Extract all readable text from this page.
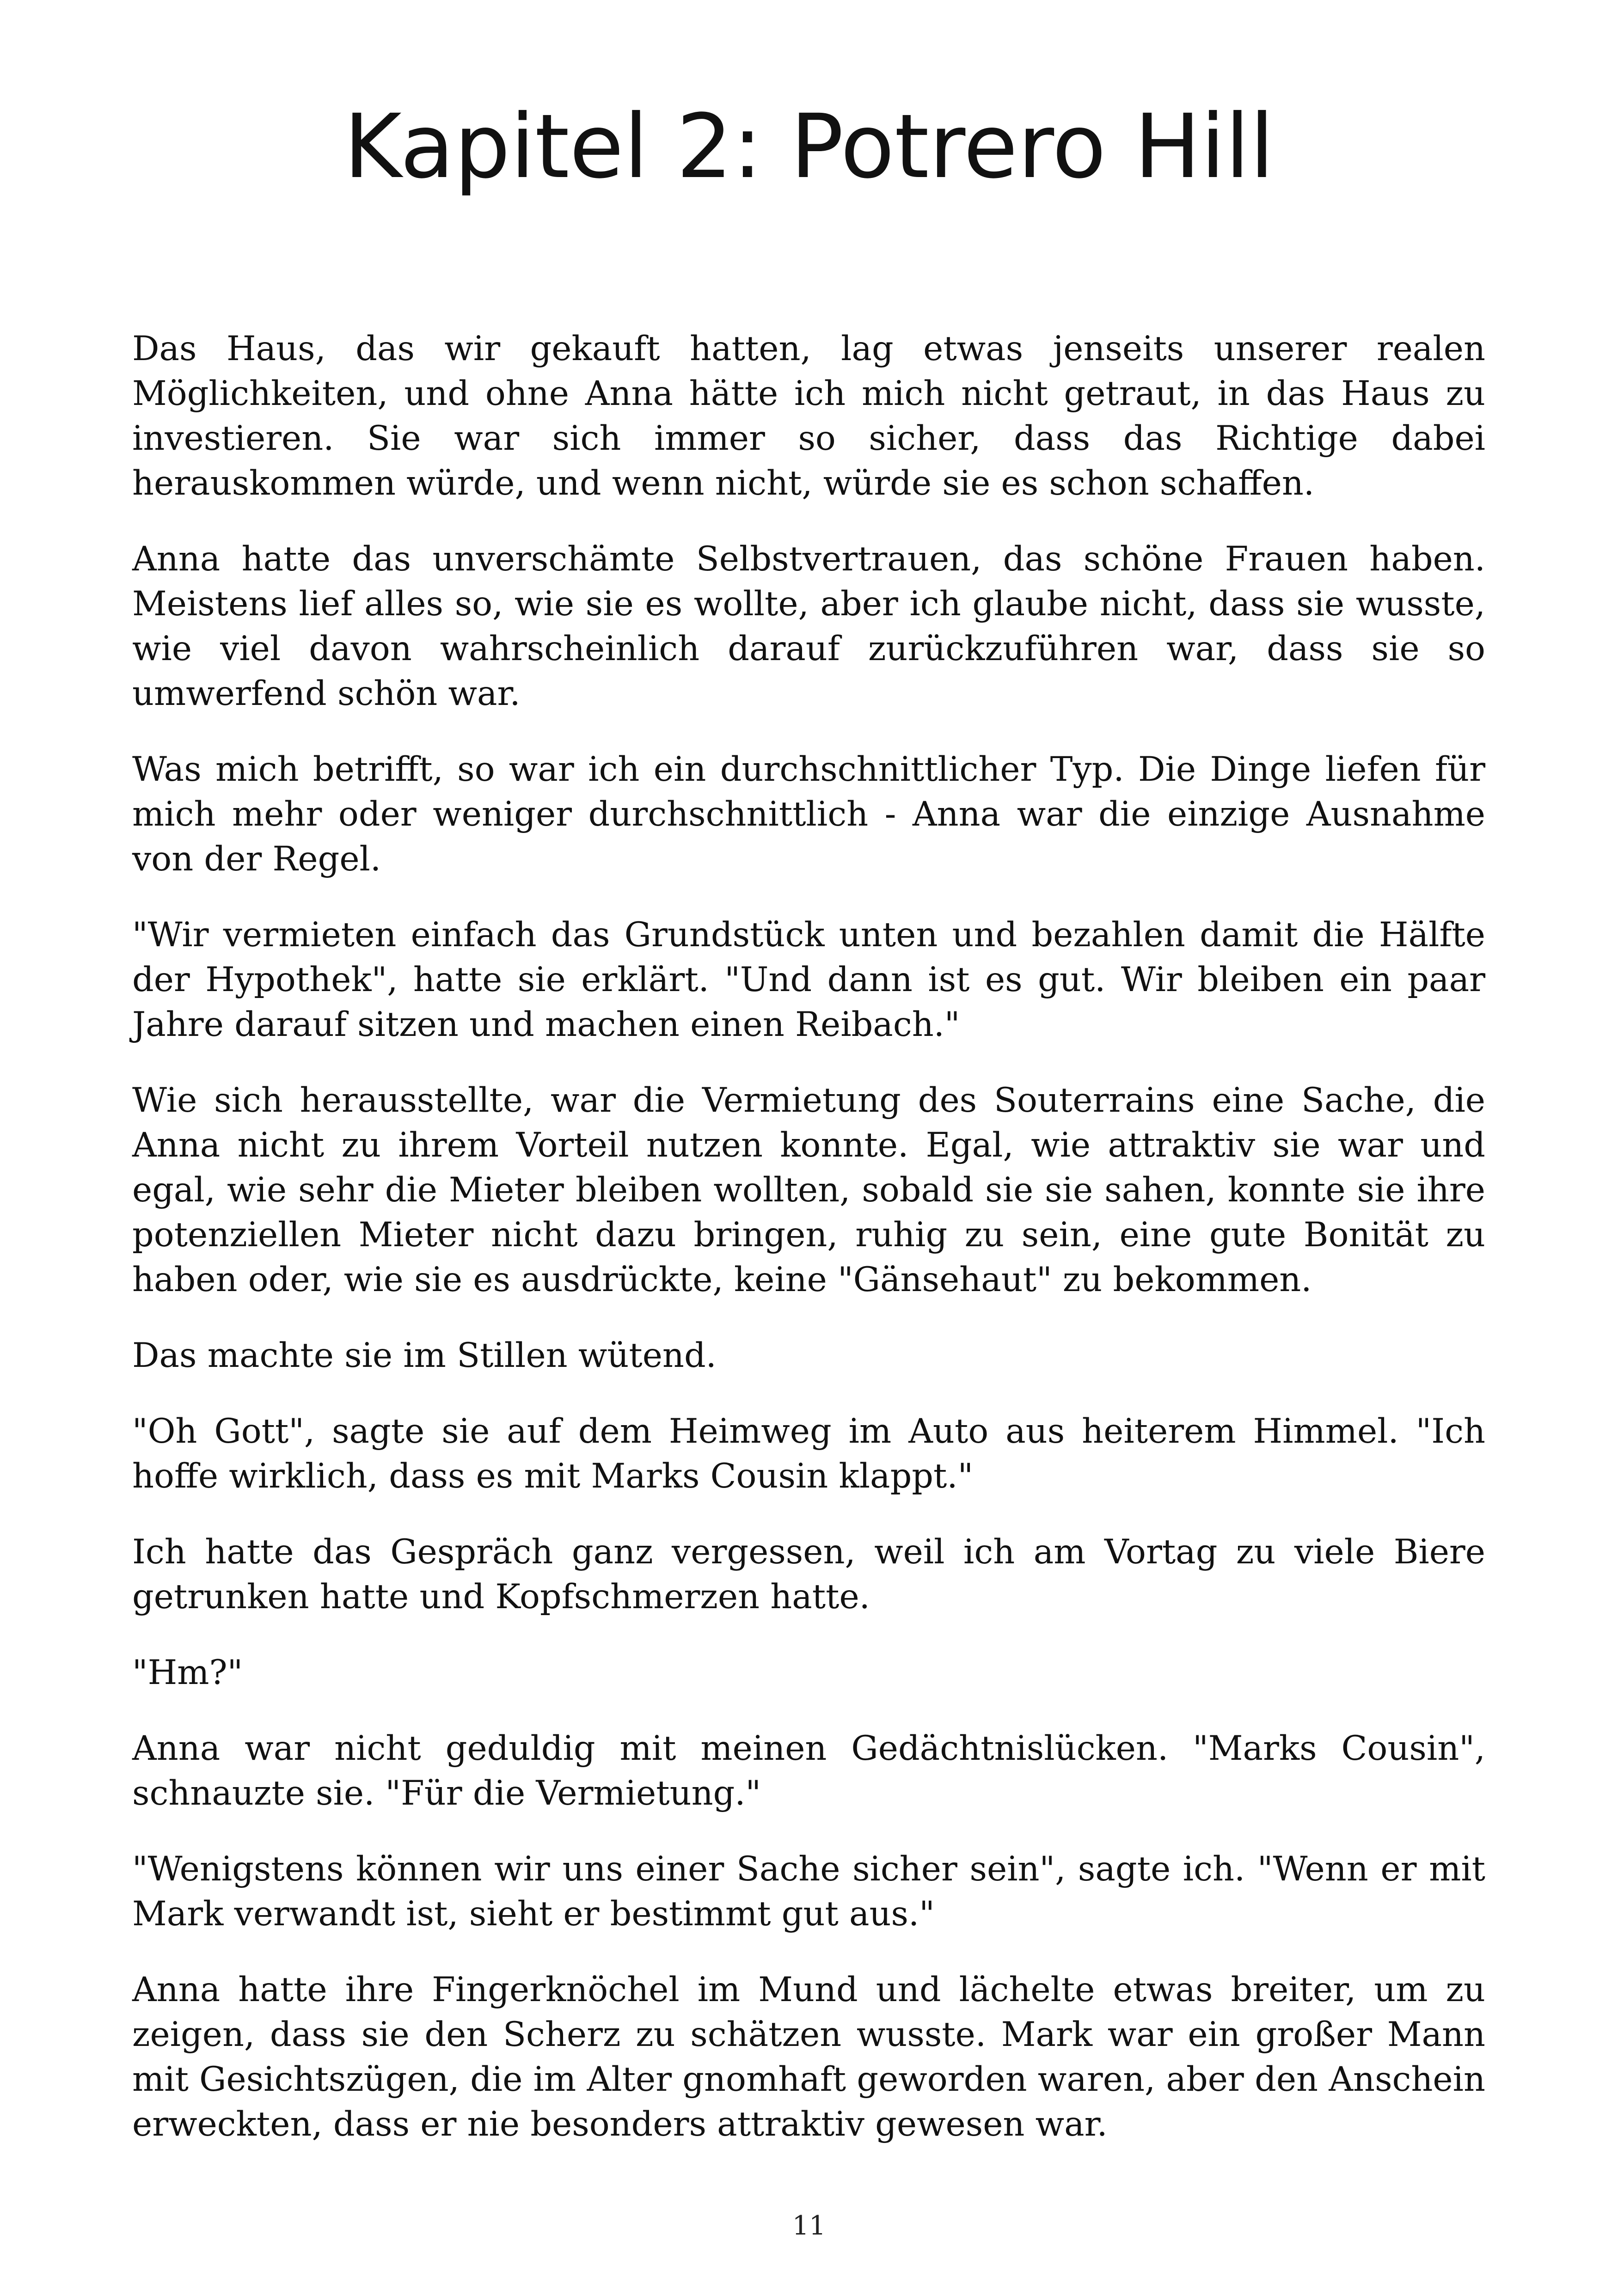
Kapitel 2: Potrero Hill

Das Haus, das wir gekauft hatten, lag etwas jenseits unserer realen Möglichkeiten, und ohne Anna hätte ich mich nicht getraut, in das Haus zu investieren. Sie war sich immer so sicher, dass das Richtige dabei herauskommen würde, und wenn nicht, würde sie es schon schaffen.

Anna hatte das unverschämte Selbstvertrauen, das schöne Frauen haben. Meistens lief alles so, wie sie es wollte, aber ich glaube nicht, dass sie wusste, wie viel davon wahrscheinlich darauf zurückzuführen war, dass sie so umwerfend schön war.

Was mich betrifft, so war ich ein durchschnittlicher Typ. Die Dinge liefen für mich mehr oder weniger durchschnittlich - Anna war die einzige Ausnahme von der Regel.

"Wir vermieten einfach das Grundstück unten und bezahlen damit die Hälfte der Hypothek", hatte sie erklärt. "Und dann ist es gut. Wir bleiben ein paar Jahre darauf sitzen und machen einen Reibach."

Wie sich herausstellte, war die Vermietung des Souterrains eine Sache, die Anna nicht zu ihrem Vorteil nutzen konnte. Egal, wie attraktiv sie war und egal, wie sehr die Mieter bleiben wollten, sobald sie sie sahen, konnte sie ihre potenziellen Mieter nicht dazu bringen, ruhig zu sein, eine gute Bonität zu haben oder, wie sie es ausdrückte, keine "Gänsehaut" zu bekommen.

Das machte sie im Stillen wütend.

"Oh Gott", sagte sie auf dem Heimweg im Auto aus heiterem Himmel. "Ich hoffe wirklich, dass es mit Marks Cousin klappt."

Ich hatte das Gespräch ganz vergessen, weil ich am Vortag zu viele Biere getrunken hatte und Kopfschmerzen hatte.

"Hm?"

Anna war nicht geduldig mit meinen Gedächtnislücken. "Marks Cousin", schnauzte sie. "Für die Vermietung."

"Wenigstens können wir uns einer Sache sicher sein", sagte ich. "Wenn er mit Mark verwandt ist, sieht er bestimmt gut aus."

Anna hatte ihre Fingerknöchel im Mund und lächelte etwas breiter, um zu zeigen, dass sie den Scherz zu schätzen wusste. Mark war ein großer Mann mit Gesichtszügen, die im Alter gnomhaft geworden waren, aber den Anschein erweckten, dass er nie besonders attraktiv gewesen war.

11
